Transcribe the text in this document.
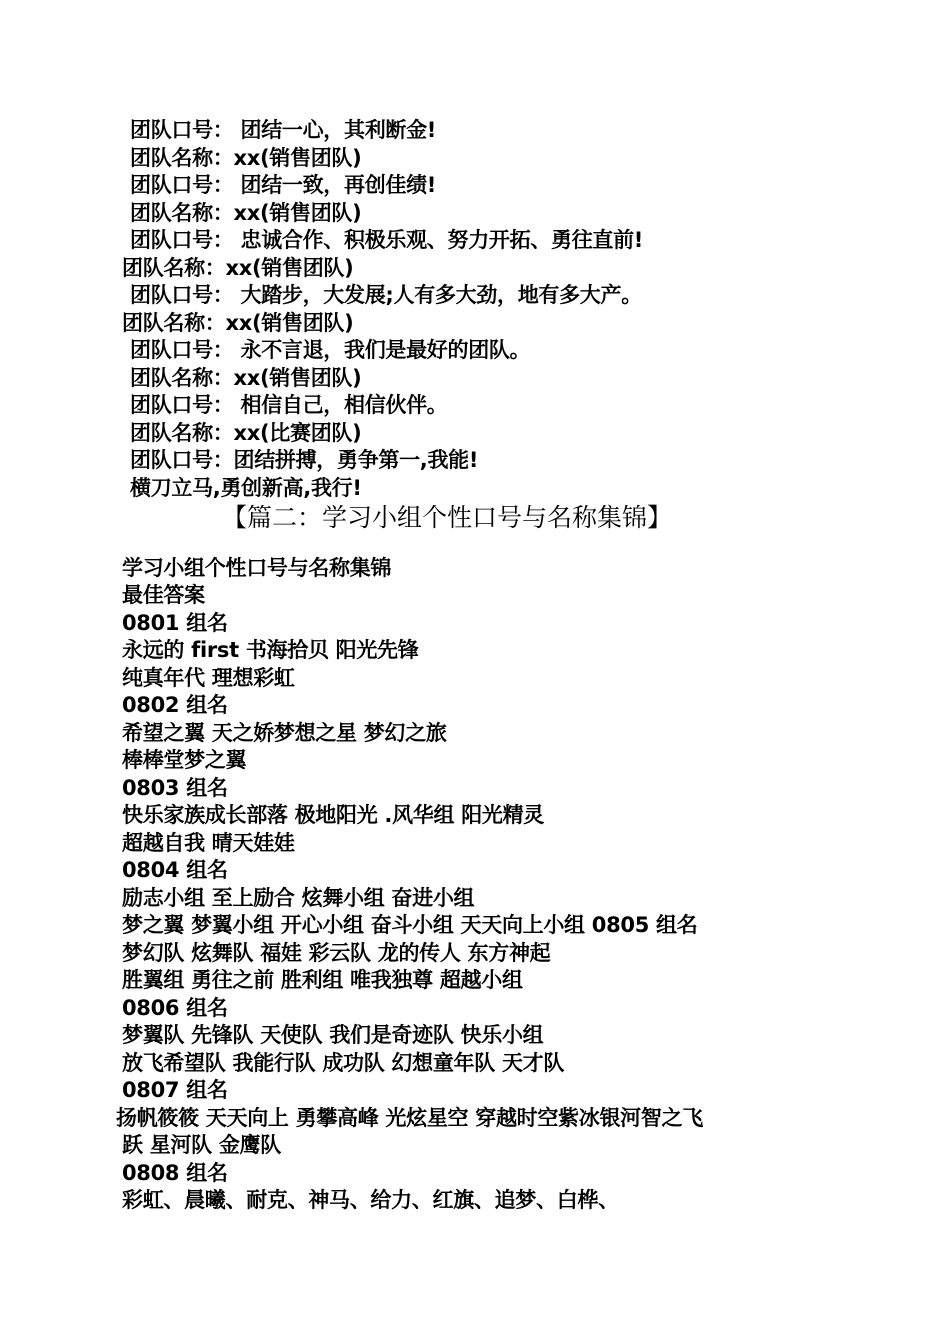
团队口号： 团结一心，其利断金!
团队名称：xx(销售团队)
团队口号： 团结一致，再创佳绩!
团队名称：xx(销售团队)
团队口号： 忠诚合作、积极乐观、努力开拓、勇往直前!
团队名称：xx(销售团队)
团队口号： 大踏步，大发展;人有多大劲，地有多大产。
团队名称：xx(销售团队)
团队口号： 永不言退，我们是最好的团队。
团队名称：xx(销售团队)
团队口号： 相信自己，相信伙伴。
团队名称：xx(比赛团队)
团队口号：团结拼搏，勇争第一,我能!
横刀立马,勇创新高,我行!
【篇二：学习小组个性口号与名称集锦】
学习小组个性口号与名称集锦
最佳答案
0801 组名
永远的 first 书海拾贝 阳光先锋
纯真年代 理想彩虹
0802 组名
希望之翼 天之娇梦想之星 梦幻之旅
棒棒堂梦之翼
0803 组名
快乐家族成长部落 极地阳光 .风华组 阳光精灵
超越自我 晴天娃娃
0804 组名
励志小组 至上励合 炫舞小组 奋进小组
梦之翼 梦翼小组 开心小组 奋斗小组 天天向上小组 0805 组名
梦幻队 炫舞队 福娃 彩云队 龙的传人 东方神起
胜翼组 勇往之前 胜利组 唯我独尊 超越小组
0806 组名
梦翼队 先锋队 天使队 我们是奇迹队 快乐小组
放飞希望队 我能行队 成功队 幻想童年队 天才队
0807 组名
扬帆筱筱 天天向上 勇攀高峰 光炫星空 穿越时空紫冰银河智之飞
跃 星河队 金鹰队
0808 组名
彩虹、晨曦、耐克、神马、给力、红旗、追梦、白桦、
